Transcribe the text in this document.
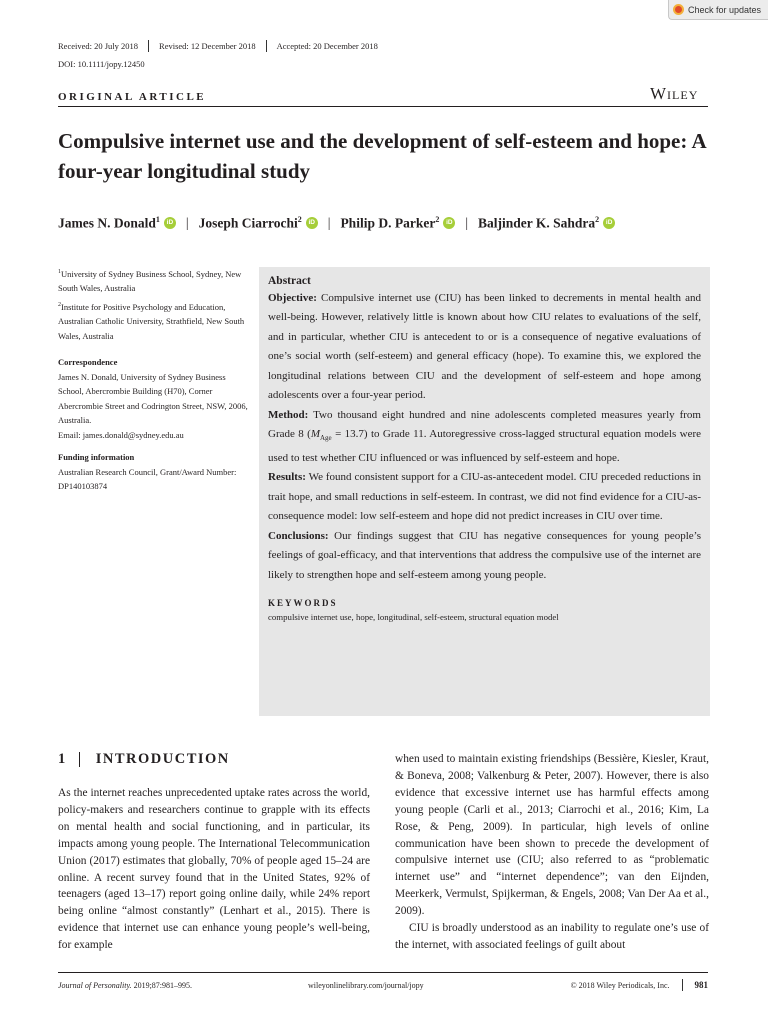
Check for updates
Received: 20 July 2018 Revised: 12 December 2018 Accepted: 20 December 2018
DOI: 10.1111/jopy.12450
ORIGINAL ARTICLE	Wiley
Compulsive internet use and the development of self-esteem and hope: A four-year longitudinal study
James N. Donald$^1$	iD | Joseph Ciarrochi$^2$	iD | Philip D. Parker$^2$	iD | Baljinder K. Sahdra$^2$	iD

$^1$University of Sydney Business School, Sydney, New South Wales, Australia

$^2$Institute for Positive Psychology and Education, Australian Catholic University, Strathfield, New South Wales, Australia

Correspondence

James N. Donald, University of Sydney Business School, Abercrombie Building (H70), Corner Abercrombie Street and Codrington Street, NSW, 2006, Australia.

Email: james.donald@sydney.edu.au

Funding information

Australian Research Council, Grant/Award Number: DP140103874

Abstract

Objective: Compulsive internet use (CIU) has been linked to decrements in mental health and well-being. However, relatively little is known about how CIU relates to evaluations of the self, and in particular, whether CIU is antecedent to or is a consequence of negative evaluations of one’s social worth (self-esteem) and general efficacy (hope). To examine this, we explored the longitudinal relations between CIU and the development of self-esteem and hope among adolescents over a four-year period.

Method: Two thousand eight hundred and nine adolescents completed measures yearly from Grade 8 $(M_{Age} = 13.7)$ to Grade 11. Autoregressive cross-lagged structural equation models were used to test whether CIU influenced or was influenced by self-esteem and hope.

Results: We found consistent support for a CIU-as-antecedent model. CIU preceded reductions in trait hope, and small reductions in self-esteem. In contrast, we did not find evidence for a CIU-as-consequence model: low self-esteem and hope did not predict increases in CIU over time.

Conclusions: Our findings suggest that CIU has negative consequences for young people’s feelings of goal-efficacy, and that interventions that address the compulsive use of the internet are likely to strengthen hope and self-esteem among young people.

KEYWORDS
compulsive internet use, hope, longitudinal, self-esteem, structural equation model
1 INTRODUCTION

As the internet reaches unprecedented uptake rates across the world, policy-makers and researchers continue to grapple with its effects on mental health and social functioning, and in particular, its impacts among young people. The International Telecommunication Union (2017) estimates that globally, 70% of people aged 15–24 are online. A recent survey found that in the United States, 92% of teenagers (aged 13–17) report going online daily, while 24% report being online “almost constantly” (Lenhart et al., 2015). There is evidence that internet use can enhance young people’s well-being, for example

when used to maintain existing friendships (Bessière, Kiesler, Kraut, & Boneva, 2008; Valkenburg & Peter, 2007). However, there is also evidence that excessive internet use has harmful effects among young people (Carli et al., 2013; Ciarrochi et al., 2016; Kim, La Rose, & Peng, 2009). In particular, high levels of online communication have been shown to precede the development of compulsive internet use (CIU; also referred to as “problematic internet use” and “internet dependence”; van den Eijnden, Meerkerk, Vermulst, Spijkerman, & Engels, 2008; Van Der Aa et al., 2009).

CIU is broadly understood as an inability to regulate one’s use of the internet, with associated feelings of guilt about

Journal of Personality. 2019;87:981–995.	wileyonlinelibrary.com/journal/jopy	© 2018 Wiley Periodicals, Inc.	981
